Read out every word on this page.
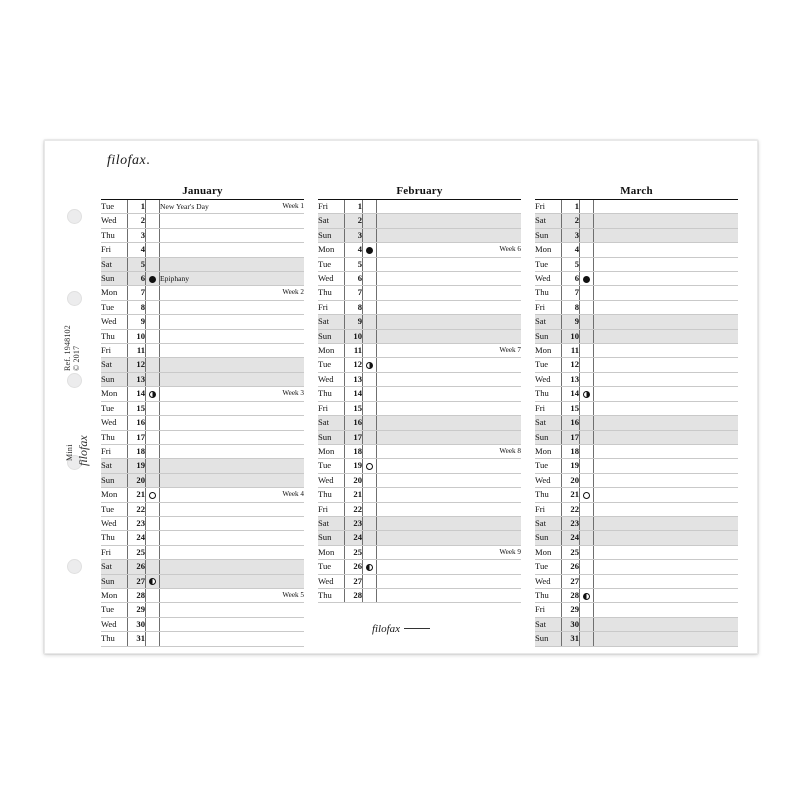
filofax.
Ref. 1948102
© 2017
Mini filofax
January
Tue	1		New Year's Day Week 1

Wed	2		

Thu	3		

Fri	4		

Sat	5		

Sun	6		Epiphany

Mon	7		Week 2

Tue	8		

Wed	9		

Thu	10		

Fri	11		

Sat	12		

Sun	13		

Mon	14		Week 3

Tue	15		

Wed	16		

Thu	17		

Fri	18		

Sat	19		

Sun	20		

Mon	21		Week 4

Tue	22		

Wed	23		

Thu	24		

Fri	25		

Sat	26		

Sun	27		

Mon	28		Week 5

Tue	29		

Wed	30		

Thu	31		
February
Fri	1		

Sat	2		

Sun	3		

Mon	4		Week 6

Tue	5		

Wed	6		

Thu	7		

Fri	8		

Sat	9		

Sun	10		

Mon	11		Week 7

Tue	12		

Wed	13		

Thu	14		

Fri	15		

Sat	16		

Sun	17		

Mon	18		Week 8

Tue	19		

Wed	20		

Thu	21		

Fri	22		

Sat	23		

Sun	24		

Mon	25		Week 9

Tue	26		

Wed	27		

Thu	28		
March
Fri	1		

Sat	2		

Sun	3		

Mon	4		

Tue	5		

Wed	6		

Thu	7		

Fri	8		

Sat	9		

Sun	10		

Mon	11		

Tue	12		

Wed	13		

Thu	14		

Fri	15		

Sat	16		

Sun	17		

Mon	18		

Tue	19		

Wed	20		

Thu	21		

Fri	22		

Sat	23		

Sun	24		

Mon	25		

Tue	26		

Wed	27		

Thu	28		

Fri	29		

Sat	30		

Sun	31		
filofax
